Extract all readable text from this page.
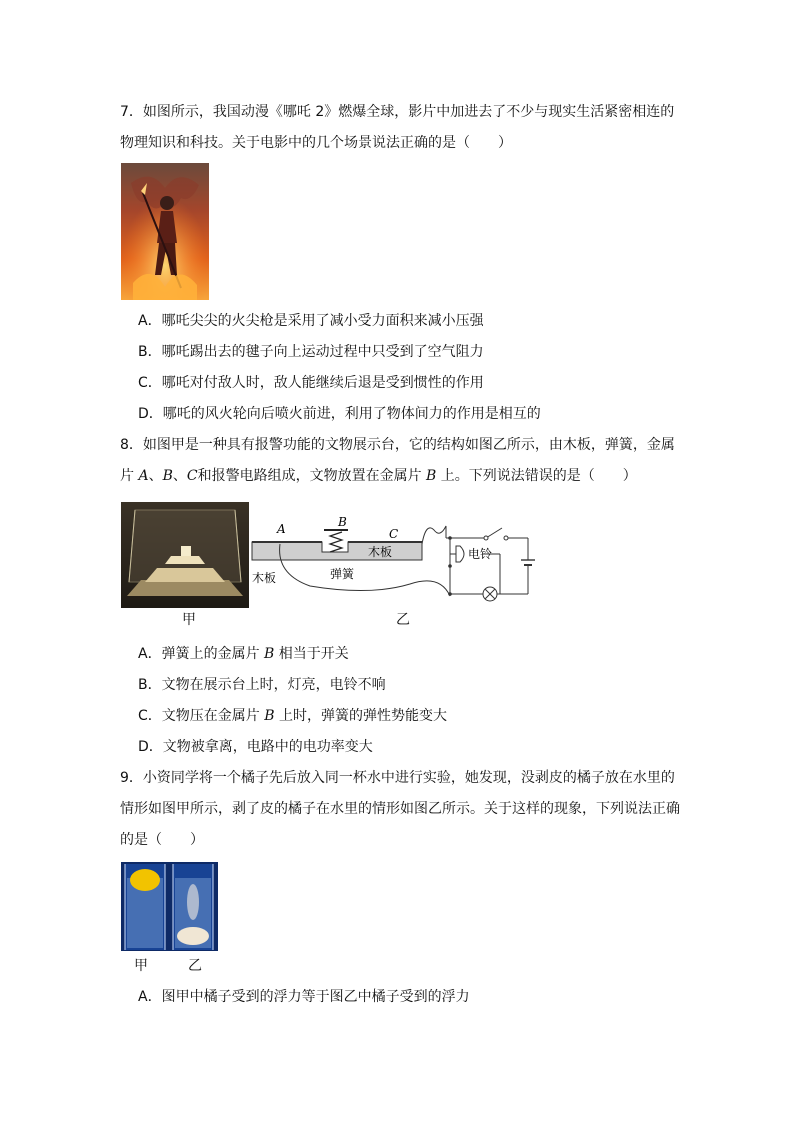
7．如图所示，我国动漫《哪吒 2》燃爆全球，影片中加进去了不少与现实生活紧密相连的
物理知识和科技。关于电影中的几个场景说法正确的是（　　）
A．哪吒尖尖的火尖枪是采用了减小受力面积来减小压强
B．哪吒踢出去的毽子向上运动过程中只受到了空气阻力
C．哪吒对付敌人时，敌人能继续后退是受到惯性的作用
D．哪吒的风火轮向后喷火前进，利用了物体间力的作用是相互的
8．如图甲是一种具有报警功能的文物展示台，它的结构如图乙所示，由木板，弹簧，金属
片 A、B、C和报警电路组成，文物放置在金属片 B 上。下列说法错误的是（　　）
A	B
C
木板
木板	弹簧
电铃
甲	乙
A．弹簧上的金属片 B 相当于开关
B．文物在展示台上时，灯亮，电铃不响
C．文物压在金属片 B 上时，弹簧的弹性势能变大
D．文物被拿离，电路中的电功率变大
9．小资同学将一个橘子先后放入同一杯水中进行实验，她发现，没剥皮的橘子放在水里的
情形如图甲所示，剥了皮的橘子在水里的情形如图乙所示。关于这样的现象，下列说法正确
的是（　　）
甲	乙
A．图甲中橘子受到的浮力等于图乙中橘子受到的浮力
